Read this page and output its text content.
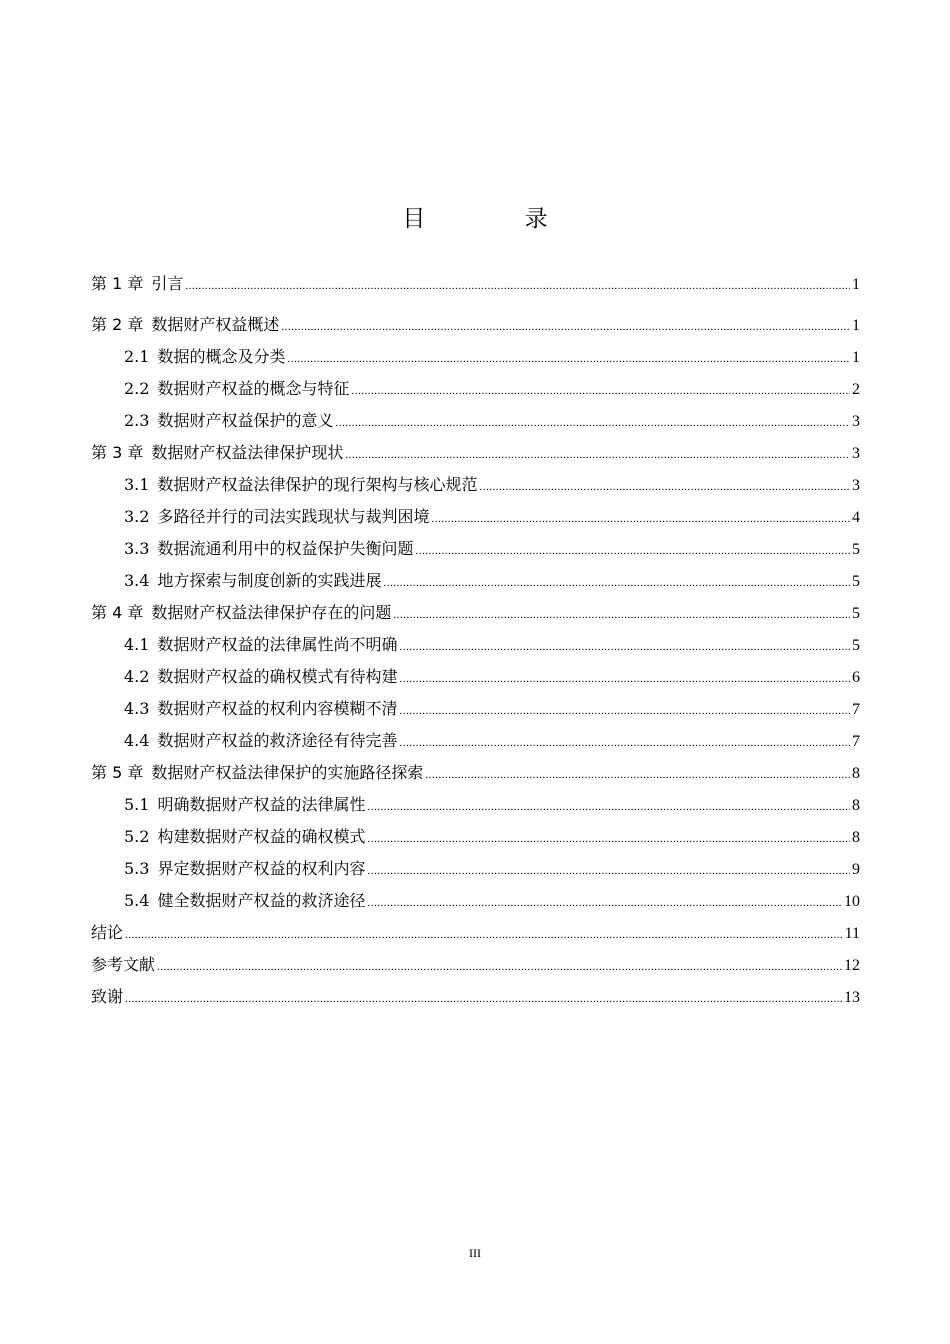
目 录
第 1 章 引言 .....	1
第 2 章 数据财产权益概述 .....	1
2.1 数据的概念及分类 .....	1
2.2 数据财产权益的概念与特征 .....	2
2.3 数据财产权益保护的意义 .....	3
第 3 章 数据财产权益法律保护现状 .....	3
3.1 数据财产权益法律保护的现行架构与核心规范 .....	3
3.2 多路径并行的司法实践现状与裁判困境 .....	4
3.3 数据流通利用中的权益保护失衡问题 .....	5
3.4 地方探索与制度创新的实践进展 .....	5
第 4 章 数据财产权益法律保护存在的问题 .....	5
4.1 数据财产权益的法律属性尚不明确 .....	5
4.2 数据财产权益的确权模式有待构建 .....	6
4.3 数据财产权益的权利内容模糊不清 .....	7
4.4 数据财产权益的救济途径有待完善 .....	7
第 5 章 数据财产权益法律保护的实施路径探索 .....	8
5.1 明确数据财产权益的法律属性 .....	8
5.2 构建数据财产权益的确权模式 .....	8
5.3 界定数据财产权益的权利内容 .....	9
5.4 健全数据财产权益的救济途径 .....	10
结论 .....	11
参考文献 .....	12
致谢 .....	13
III
